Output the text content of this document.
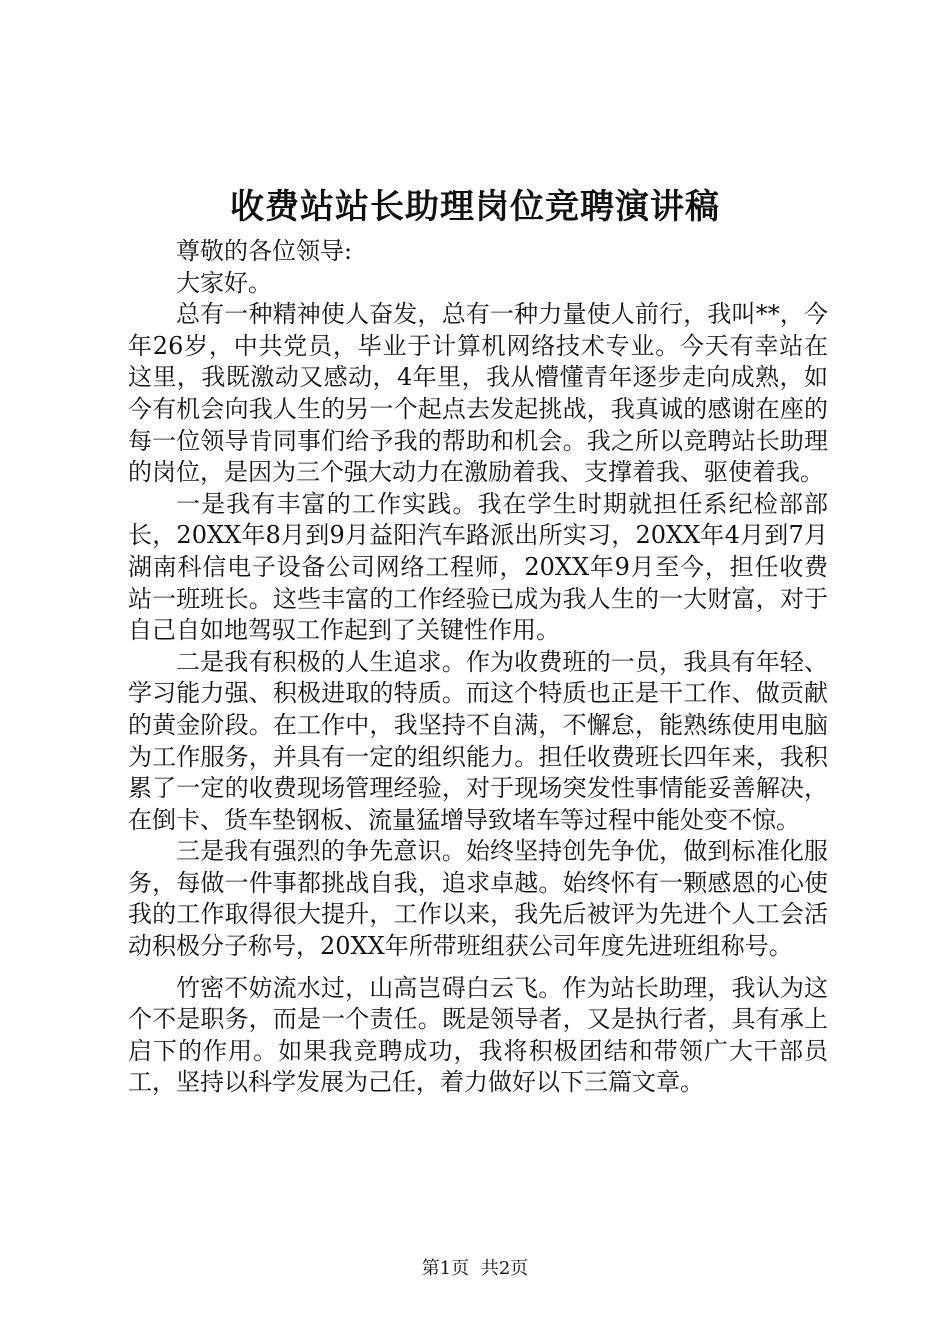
收费站站长助理岗位竞聘演讲稿

尊敬的各位领导:

大家好。

总有一种精神使人奋发，总有一种力量使人前行，我叫**，今年26岁，中共党员，毕业于计算机网络技术专业。今天有幸站在这里，我既激动又感动，4年里，我从懵懂青年逐步走向成熟，如今有机会向我人生的另一个起点去发起挑战，我真诚的感谢在座的每一位领导肯同事们给予我的帮助和机会。我之所以竞聘站长助理的岗位，是因为三个强大动力在激励着我、支撑着我、驱使着我。

一是我有丰富的工作实践。我在学生时期就担任系纪检部部长，20XX年8月到9月益阳汽车路派出所实习，20XX年4月到7月湖南科信电子设备公司网络工程师，20XX年9月至今，担任收费站一班班长。这些丰富的工作经验已成为我人生的一大财富，对于自己自如地驾驭工作起到了关键性作用。

二是我有积极的人生追求。作为收费班的一员，我具有年轻、学习能力强、积极进取的特质。而这个特质也正是干工作、做贡献的黄金阶段。在工作中，我坚持不自满，不懈怠，能熟练使用电脑为工作服务，并具有一定的组织能力。担任收费班长四年来，我积累了一定的收费现场管理经验，对于现场突发性事情能妥善解决，在倒卡、货车垫钢板、流量猛增导致堵车等过程中能处变不惊。

三是我有强烈的争先意识。始终坚持创先争优，做到标准化服务，每做一件事都挑战自我，追求卓越。始终怀有一颗感恩的心使我的工作取得很大提升，工作以来，我先后被评为先进个人工会活动积极分子称号，20XX年所带班组获公司年度先进班组称号。

竹密不妨流水过，山高岂碍白云飞。作为站长助理，我认为这个不是职务，而是一个责任。既是领导者，又是执行者，具有承上启下的作用。如果我竞聘成功，我将积极团结和带领广大干部员工，坚持以科学发展为己任，着力做好以下三篇文章。

第1页 共2页
